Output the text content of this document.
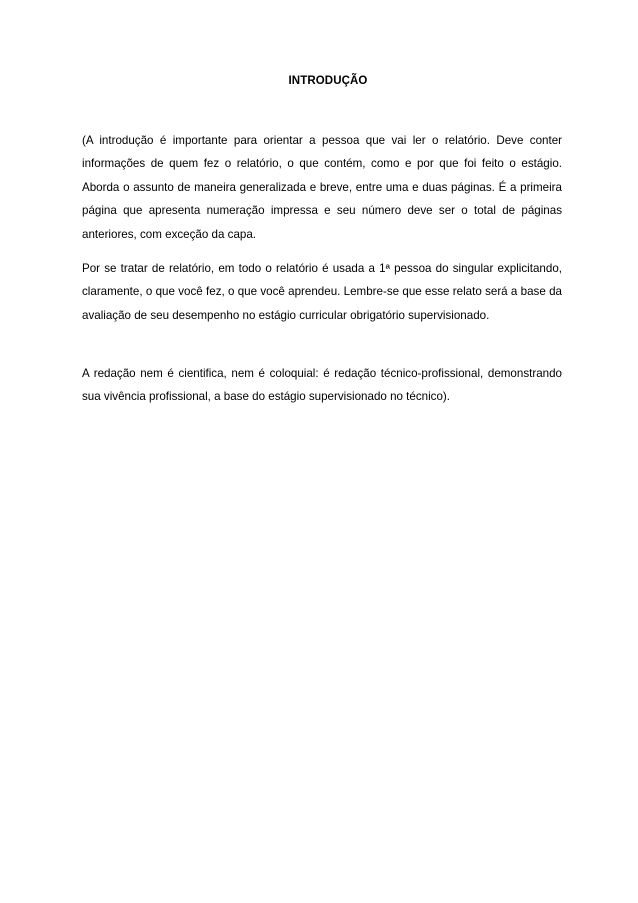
INTRODUÇÃO

(A introdução é importante para orientar a pessoa que vai ler o relatório. Deve conter informações de quem fez o relatório, o que contém, como e por que foi feito o estágio. Aborda o assunto de maneira generalizada e breve, entre uma e duas páginas. É a primeira página que apresenta numeração impressa e seu número deve ser o total de páginas anteriores, com exceção da capa.

Por se tratar de relatório, em todo o relatório é usada a 1ª pessoa do singular explicitando, claramente, o que você fez, o que você aprendeu. Lembre-se que esse relato será a base da avaliação de seu desempenho no estágio curricular obrigatório supervisionado.

A redação nem é cientifica, nem é coloquial: é redação técnico-profissional, demonstrando sua vivência profissional, a base do estágio supervisionado no técnico).
